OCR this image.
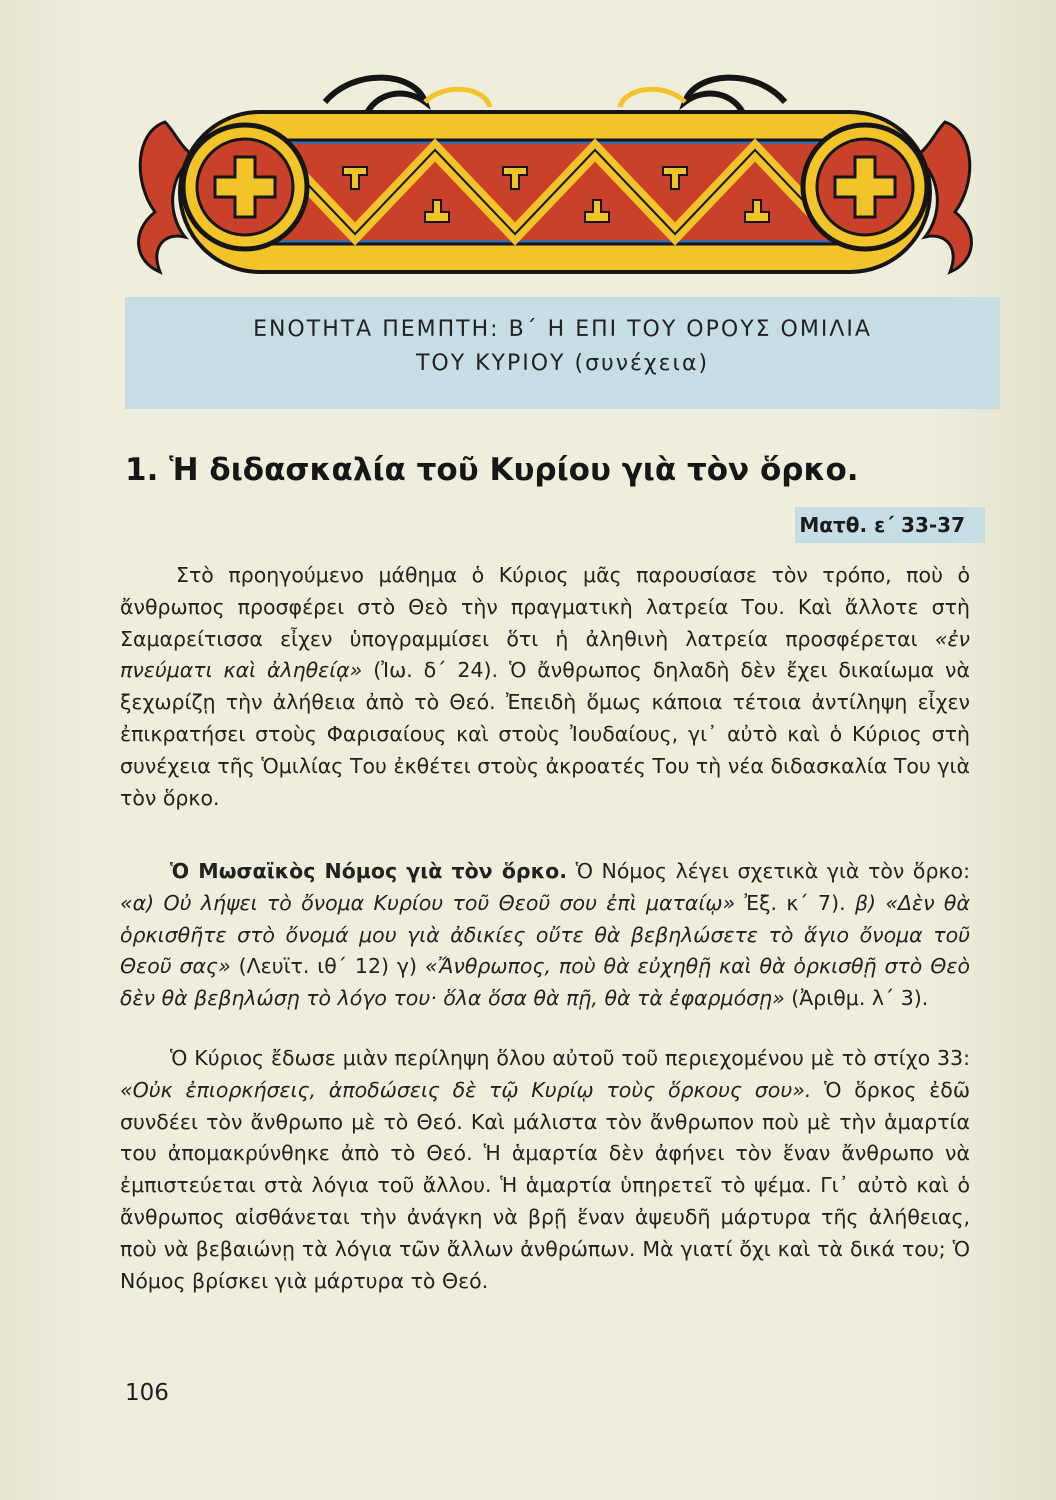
ΕΝΟΤΗΤΑ ΠΕΜΠΤΗ: Β΄ Η ΕΠΙ ΤΟΥ ΟΡΟΥΣ ΟΜΙΛΙΑ
ΤΟΥ ΚΥΡΙΟΥ (συνέχεια)
1. Ἡ διδασκαλία τοῦ Κυρίου γιὰ τὸν ὅρκο.
Ματθ. ε΄ 33-37
Στὸ προηγούμενο μάθημα ὁ Κύριος μᾶς παρουσίασε τὸν τρόπο, ποὺ ὁ ἄνθρωπος προσφέρει στὸ Θεὸ τὴν πραγματικὴ λατρεία Του. Καὶ ἄλλοτε στὴ Σαμαρείτισσα εἶχεν ὑπογραμμίσει ὅτι ἡ ἀληθινὴ λατρεία προσφέρεται «ἐν πνεύματι καὶ ἀληθείᾳ» (Ἰω. δ΄ 24). Ὁ ἄνθρωπος δηλαδὴ δὲν ἔχει δικαίωμα νὰ ξεχωρίζῃ τὴν ἀλήθεια ἀπὸ τὸ Θεό. Ἐπειδὴ ὅμως κάποια τέτοια ἀντίληψη εἶχεν ἐπικρατήσει στοὺς Φαρισαίους καὶ στοὺς Ἰουδαίους, γι᾿ αὐτὸ καὶ ὁ Κύριος στὴ συνέχεια τῆς Ὁμιλίας Του ἐκθέτει στοὺς ἀκροατές Του τὴ νέα διδασκαλία Του γιὰ τὸν ὅρκο.
Ὁ Μωσαϊκὸς Νόμος γιὰ τὸν ὅρκο. Ὁ Νόμος λέγει σχετικὰ γιὰ τὸν ὅρκο: «α) Οὐ λήψει τὸ ὄνομα Κυρίου τοῦ Θεοῦ σου ἐπὶ ματαίῳ» Ἐξ. κ΄ 7). β) «Δὲν θὰ ὁρκισθῆτε στὸ ὄνομά μου γιὰ ἀδικίες οὔτε θὰ βεβηλώσετε τὸ ἅγιο ὄνομα τοῦ Θεοῦ σας» (Λευϊτ. ιθ΄ 12) γ) «Ἄνθρωπος, ποὺ θὰ εὐχηθῇ καὶ θὰ ὁρκισθῇ στὸ Θεὸ δὲν θὰ βεβηλώσῃ τὸ λόγο του· ὅλα ὅσα θὰ πῇ, θὰ τὰ ἐφαρμόσῃ» (Ἀριθμ. λ΄ 3).
Ὁ Κύριος ἔδωσε μιὰν περίληψη ὅλου αὐτοῦ τοῦ περιεχομένου μὲ τὸ στίχο 33: «Οὐκ ἐπιορκήσεις, ἀποδώσεις δὲ τῷ Κυρίῳ τοὺς ὅρκους σου». Ὁ ὅρκος ἐδῶ συνδέει τὸν ἄνθρωπο μὲ τὸ Θεό. Καὶ μάλιστα τὸν ἄνθρωπον ποὺ μὲ τὴν ἁμαρτία του ἀπομακρύνθηκε ἀπὸ τὸ Θεό. Ἡ ἁμαρτία δὲν ἀφήνει τὸν ἕναν ἄνθρωπο νὰ ἐμπιστεύεται στὰ λόγια τοῦ ἄλλου. Ἡ ἁμαρτία ὑπηρετεῖ τὸ ψέμα. Γι᾿ αὐτὸ καὶ ὁ ἄνθρωπος αἰσθάνεται τὴν ἀνάγκη νὰ βρῇ ἕναν ἀψευδῆ μάρτυρα τῆς ἀλήθειας, ποὺ νὰ βεβαιώνῃ τὰ λόγια τῶν ἄλλων ἀνθρώπων. Μὰ γιατί ὄχι καὶ τὰ δικά του; Ὁ Νόμος βρίσκει γιὰ μάρτυρα τὸ Θεό.
106
